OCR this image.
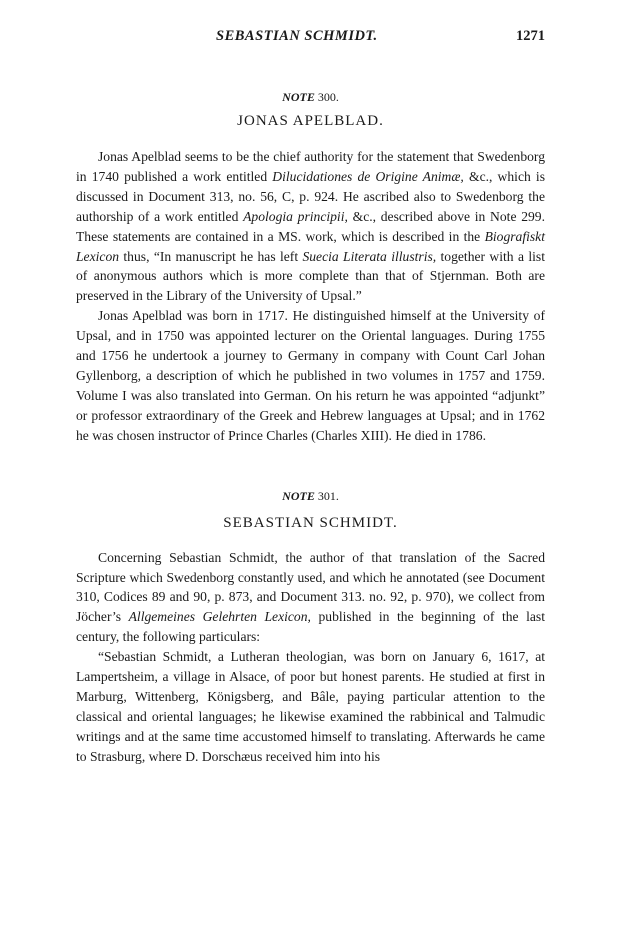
SEBASTIAN SCHMIDT.	1271

NOTE 300.

JONAS APELBLAD.

Jonas Apelblad seems to be the chief authority for the statement that Swedenborg in 1740 published a work entitled Dilucidationes de Origine Animæ, &c., which is discussed in Document 313, no. 56, C, p. 924. He ascribed also to Swedenborg the authorship of a work entitled Apologia principii, &c., described above in Note 299. These statements are contained in a MS. work, which is described in the Biografiskt Lexicon thus, “In manuscript he has left Suecia Literata illustris, together with a list of anonymous authors which is more complete than that of Stjernman. Both are preserved in the Library of the University of Upsal.”

Jonas Apelblad was born in 1717. He distinguished himself at the University of Upsal, and in 1750 was appointed lecturer on the Oriental languages. During 1755 and 1756 he undertook a journey to Germany in company with Count Carl Johan Gyllenborg, a description of which he published in two volumes in 1757 and 1759. Volume I was also translated into German. On his return he was appointed “adjunkt” or professor extraordinary of the Greek and Hebrew languages at Upsal; and in 1762 he was chosen instructor of Prince Charles (Charles XIII). He died in 1786.

NOTE 301.

SEBASTIAN SCHMIDT.

Concerning Sebastian Schmidt, the author of that translation of the Sacred Scripture which Swedenborg constantly used, and which he annotated (see Document 310, Codices 89 and 90, p. 873, and Document 313. no. 92, p. 970), we collect from Jöcher’s Allgemeines Gelehrten Lexicon, published in the beginning of the last century, the following particulars:

“Sebastian Schmidt, a Lutheran theologian, was born on January 6, 1617, at Lampertsheim, a village in Alsace, of poor but honest parents. He studied at first in Marburg, Wittenberg, Königsberg, and Bâle, paying particular attention to the classical and oriental languages; he likewise examined the rabbinical and Talmudic writings and at the same time accustomed himself to translating. Afterwards he came to Strasburg, where D. Dorschæus received him into his
